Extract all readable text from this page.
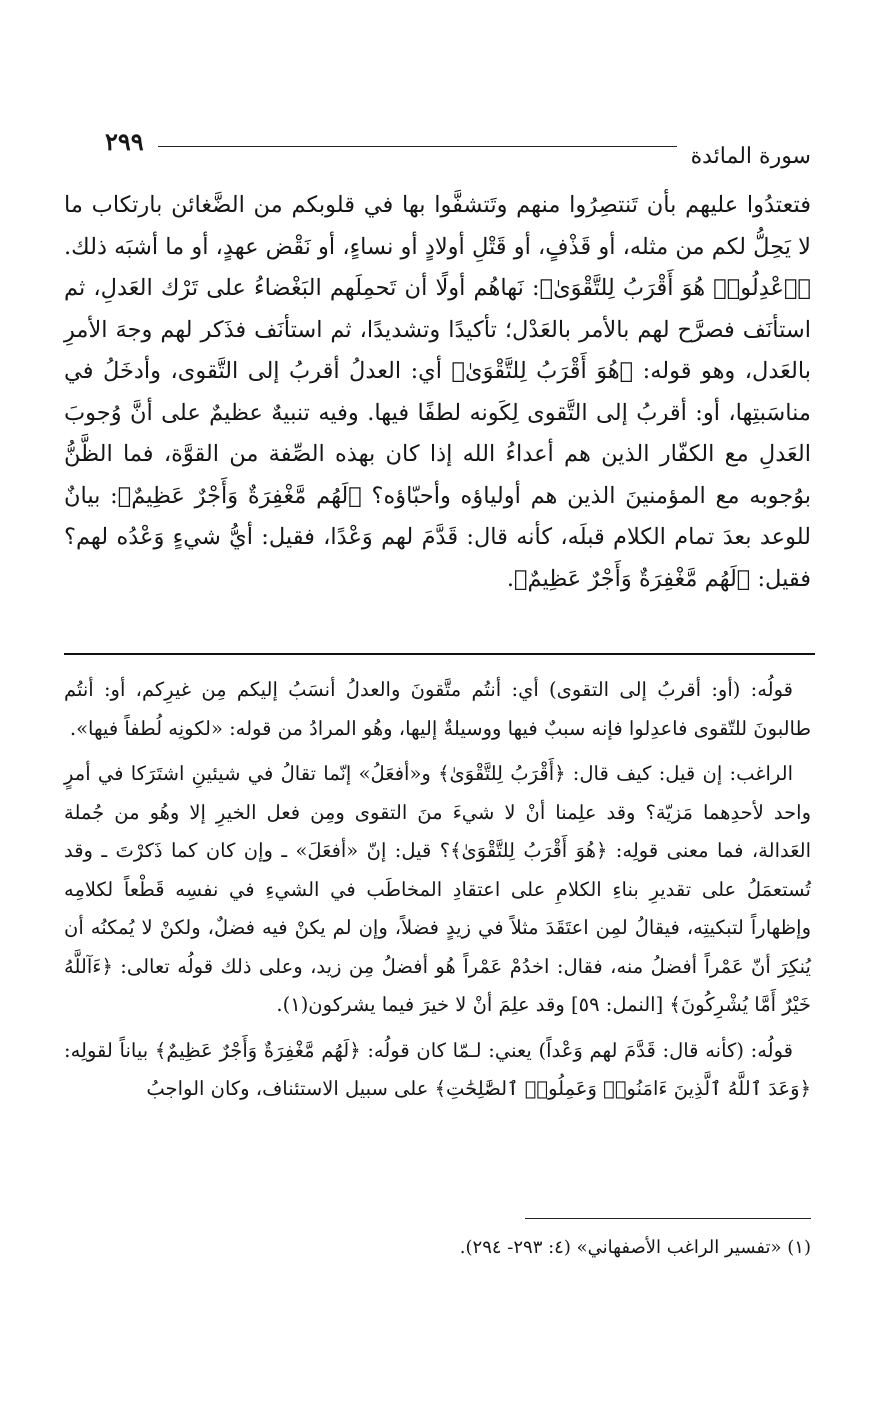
سورة المائدة
٢٩٩

فتعتدُوا عليهم بأن تَنتصِرُوا منهم وتَتشفَّوا بها في قلوبكم من الضَّغائن بارتكاب ما لا يَحِلُّ لكم من مثله، أو قَذْفٍ، أو قَتْلِ أولادٍ أو نساءٍ، أو نَقْض عهدٍ، أو ما أشبَه ذلك. ﴿ٱعْدِلُوا۟ هُوَ أَقْرَبُ لِلتَّقْوَىٰ﴾: نَهاهُم أولًا أن تَحمِلَهم البَغْضاءُ على تَرْك العَدلِ، ثم استأنَف فصرَّح لهم بالأمر بالعَدْل؛ تأكيدًا وتشديدًا، ثم استأنَف فذَكر لهم وجهَ الأمرِ بالعَدل، وهو قوله: ﴿هُوَ أَقْرَبُ لِلتَّقْوَىٰ﴾ أي: العدلُ أقربُ إلى التَّقوى، وأدخَلُ في مناسَبتِها، أو: أقربُ إلى التَّقوى لِكَونه لطفًا فيها. وفيه تنبيهٌ عظيمٌ على أنَّ وُجوبَ العَدلِ مع الكفّار الذين هم أعداءُ الله إذا كان بهذه الصِّفة من القوَّة، فما الظَّنُّ بوُجوبه مع المؤمنينَ الذين هم أولياؤه وأحبّاؤه؟ ﴿لَهُم مَّغْفِرَةٌ وَأَجْرٌ عَظِيمٌ﴾: بيانٌ للوعد بعدَ تمام الكلام قبلَه، كأنه قال: قَدَّمَ لهم وَعْدًا، فقيل: أيُّ شيءٍ وَعْدُه لهم؟ فقيل: ﴿لَهُم مَّغْفِرَةٌ وَأَجْرٌ عَظِيمٌ﴾.

قولُه: (أو: أقربُ إلى التقوى) أي: أنتُم متَّقونَ والعدلُ أنسَبُ إليكم مِن غيرِكم، أو: أنتُم طالبونَ للتّقوى فاعدِلوا فإنه سببٌ فيها ووسيلةٌ إليها، وهُو المرادُ من قوله: «لكونِه لُطفاً فيها».

الراغب: إن قيل: كيف قال: ﴿أَقْرَبُ لِلتَّقْوَىٰ﴾ و«أفعَلُ» إنّما تقالُ في شيئينِ اشتَرَكا في أمرٍ واحد لأحدِهما مَزيّة؟ وقد علِمنا أنْ لا شيءَ منَ التقوى ومِن فعل الخيرِ إلا وهُو من جُملة العَدالة، فما معنى قولِه: ﴿هُوَ أَقْرَبُ لِلتَّقْوَىٰ﴾؟ قيل: إنّ «أفعَلَ» ـ وإن كان كما ذَكرْتَ ـ وقد تُستعمَلُ على تقديرِ بناءِ الكلامِ على اعتقادِ المخاطَب في الشيءِ في نفسِه قَطْعاً لكلامِه وإظهاراً لتبكيتِه، فيقالُ لمِن اعتَقَدَ مثلاً في زيدٍ فضلاً، وإن لم يكنْ فيه فضلٌ، ولكنْ لا يُمكنُه أن يُنكِرَ أنّ عَمْراً أفضلُ منه، فقال: اخدُمْ عَمْراً هُو أفضلُ مِن زيد، وعلى ذلك قولُه تعالى: ﴿ءَآللَّهُ خَيْرٌ أَمَّا يُشْرِكُونَ﴾ [النمل: ٥٩] وقد علِمَ أنْ لا خيرَ فيما يشركون(١).

قولُه: (كأنه قال: قَدَّمَ لهم وَعْداً) يعني: لـمّا كان قولُه: ﴿لَهُم مَّغْفِرَةٌ وَأَجْرٌ عَظِيمٌ﴾ بياناً لقولِه: ﴿وَعَدَ ٱللَّهُ ٱلَّذِينَ ءَامَنُوا۟ وَعَمِلُوا۟ ٱلصَّٰلِحَٰتِ﴾ على سبيل الاستئناف، وكان الواجبُ

(١) «تفسير الراغب الأصفهاني» (٤: ٢٩٣- ٢٩٤).
